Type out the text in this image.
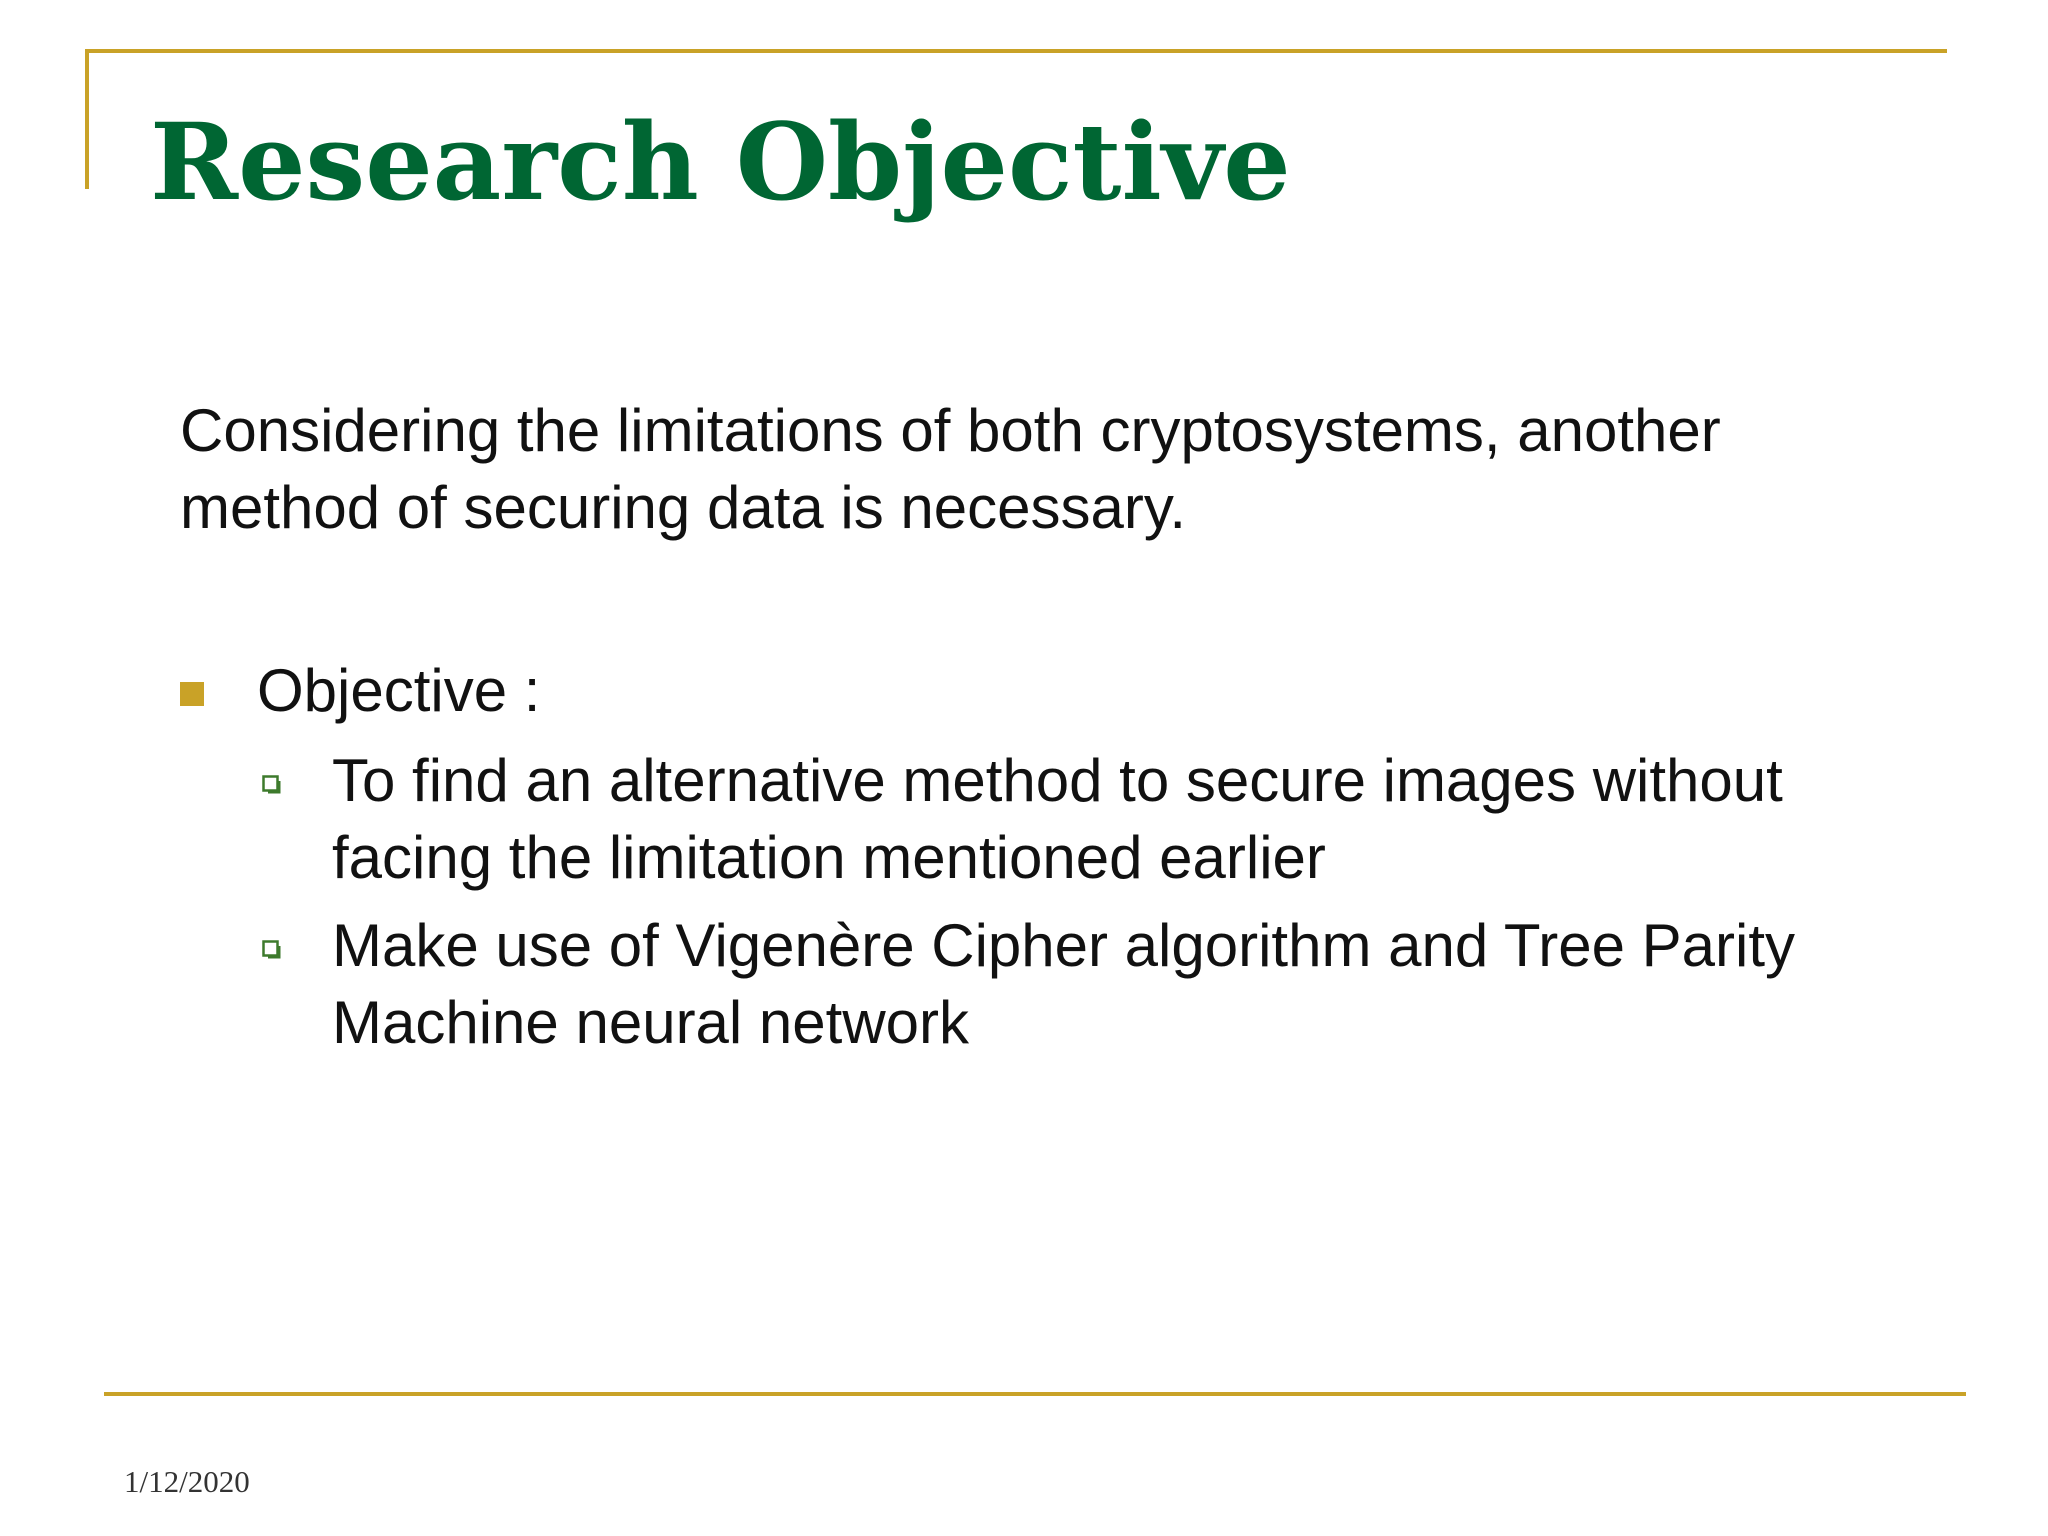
Research Objective

Considering the limitations of both cryptosystems, another method of securing data is necessary.

Objective :
To find an alternative method to secure images without facing the limitation mentioned earlier
Make use of Vigenère Cipher algorithm and Tree Parity Machine neural network
1/12/2020
